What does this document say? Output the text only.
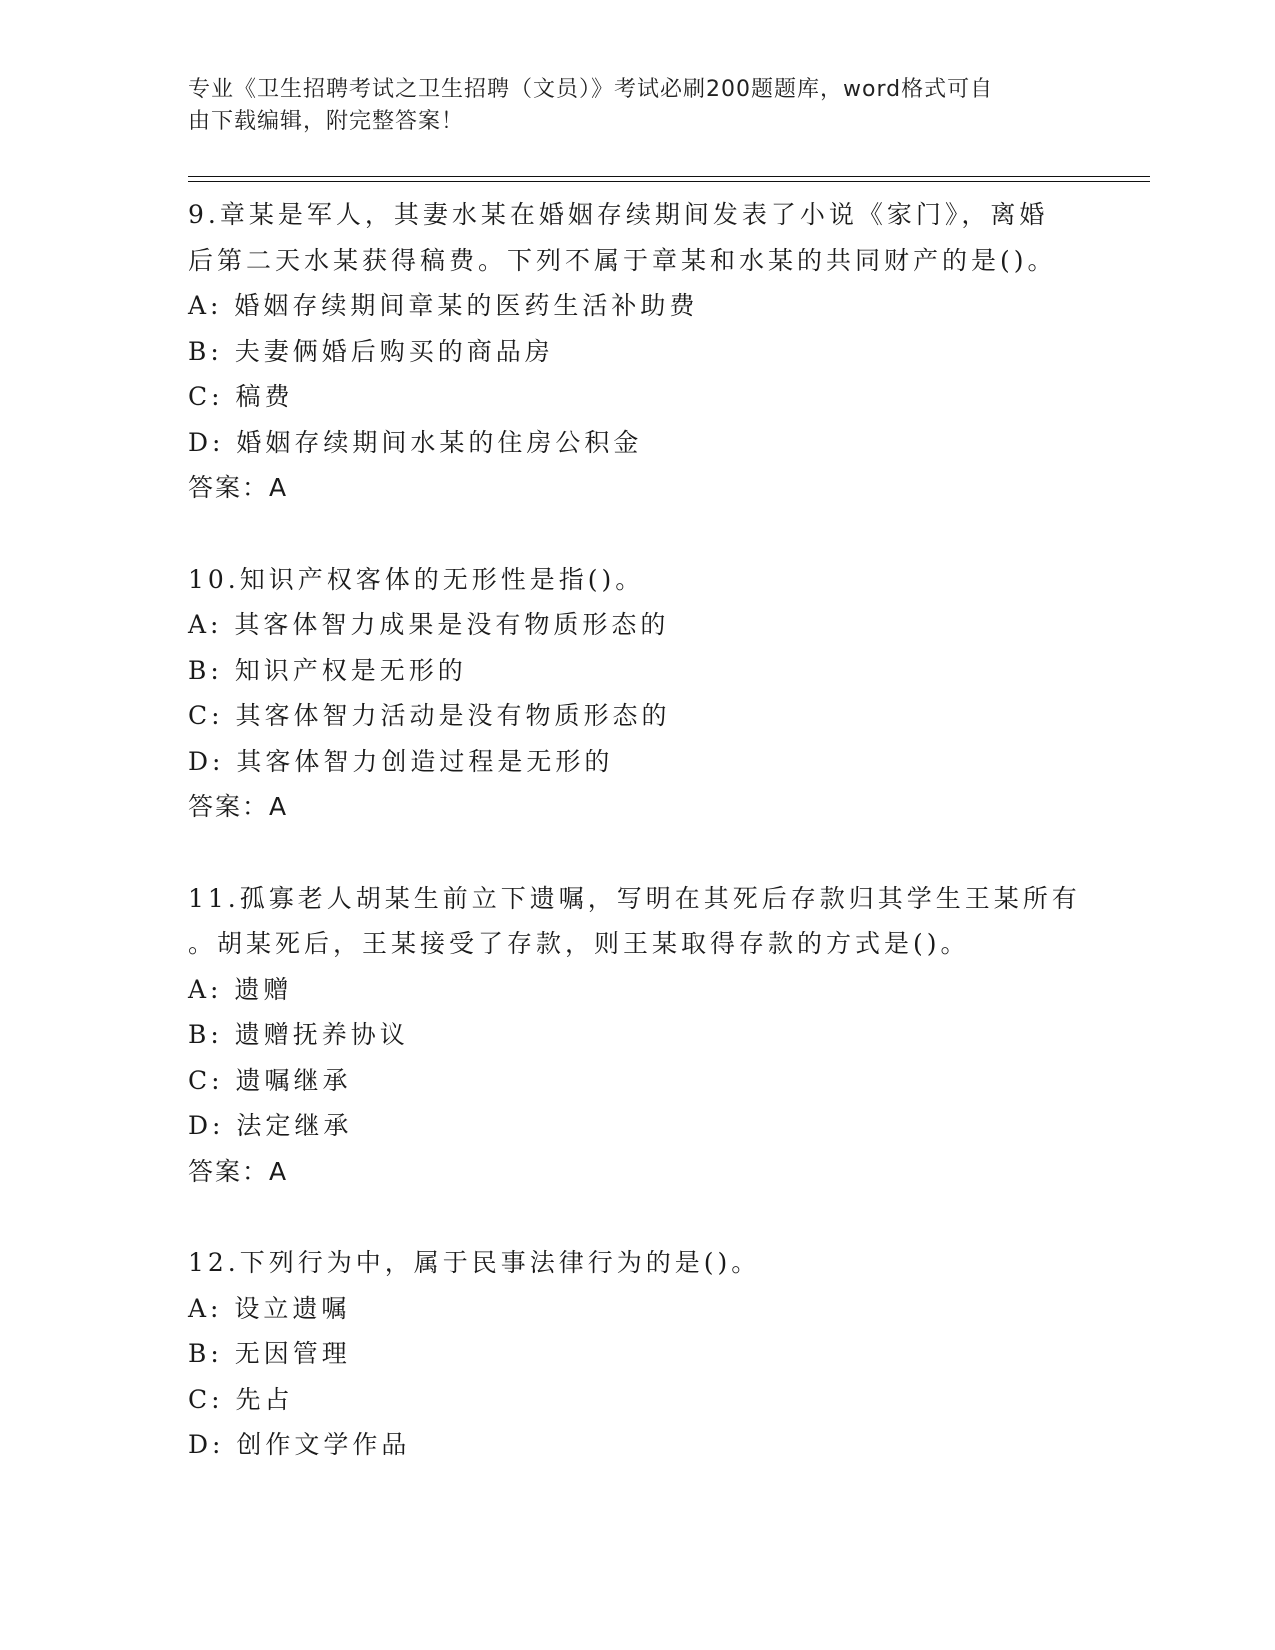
专业《卫生招聘考试之卫生招聘（文员）》考试必刷200题题库，word格式可自
由下载编辑，附完整答案！

9.章某是军人，其妻水某在婚姻存续期间发表了小说《家门》，离婚

后第二天水某获得稿费。下列不属于章某和水某的共同财产的是()。

A: 婚姻存续期间章某的医药生活补助费

B: 夫妻俩婚后购买的商品房

C: 稿费

D: 婚姻存续期间水某的住房公积金

答案：A

10.知识产权客体的无形性是指()。

A: 其客体智力成果是没有物质形态的

B: 知识产权是无形的

C: 其客体智力活动是没有物质形态的

D: 其客体智力创造过程是无形的

答案：A

11.孤寡老人胡某生前立下遗嘱，写明在其死后存款归其学生王某所有

。胡某死后，王某接受了存款，则王某取得存款的方式是()。

A: 遗赠

B: 遗赠抚养协议

C: 遗嘱继承

D: 法定继承

答案：A

12.下列行为中，属于民事法律行为的是()。

A: 设立遗嘱

B: 无因管理

C: 先占

D: 创作文学作品
